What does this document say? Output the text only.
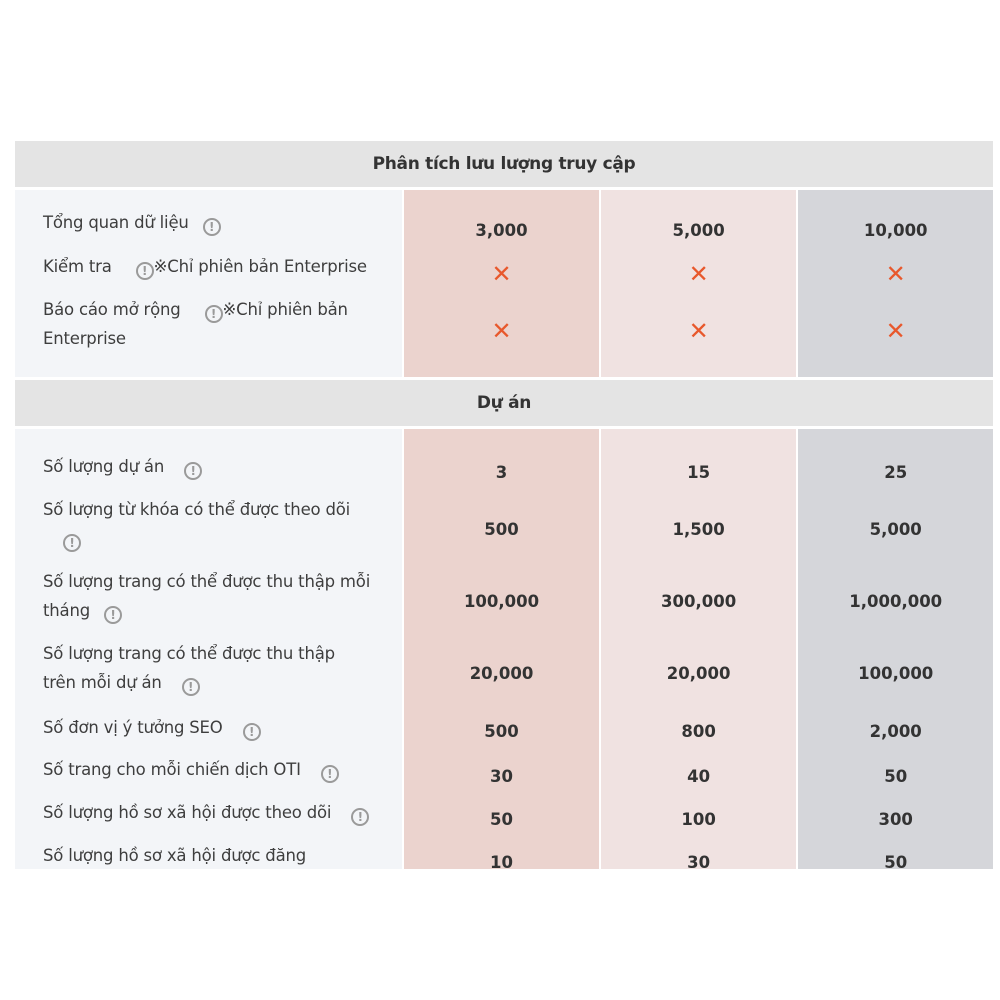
Phân tích lưu lượng truy cập
Tổng quan dữ liệu !
Kiểm tra	! ※Chỉ phiên bản Enterprise
Báo cáo mở rộng	! ※Chỉ phiên bản
Enterprise
3,000
✕
✕
5,000
✕
✕
10,000
✕
✕
Dự án
Số lượng dự án !
Số lượng từ khóa có thể được theo dõi
!
Số lượng trang có thể được thu thập mỗi
tháng !
Số lượng trang có thể được thu thập
trên mỗi dự án !
Số đơn vị ý tưởng SEO !
Số trang cho mỗi chiến dịch OTI !
Số lượng hồ sơ xã hội được theo dõi !
Số lượng hồ sơ xã hội được đăng
3
500
100,000
20,000
500
30
50
10
15
1,500
300,000
20,000
800
40
100
30
25
5,000
1,000,000
100,000
2,000
50
300
50
